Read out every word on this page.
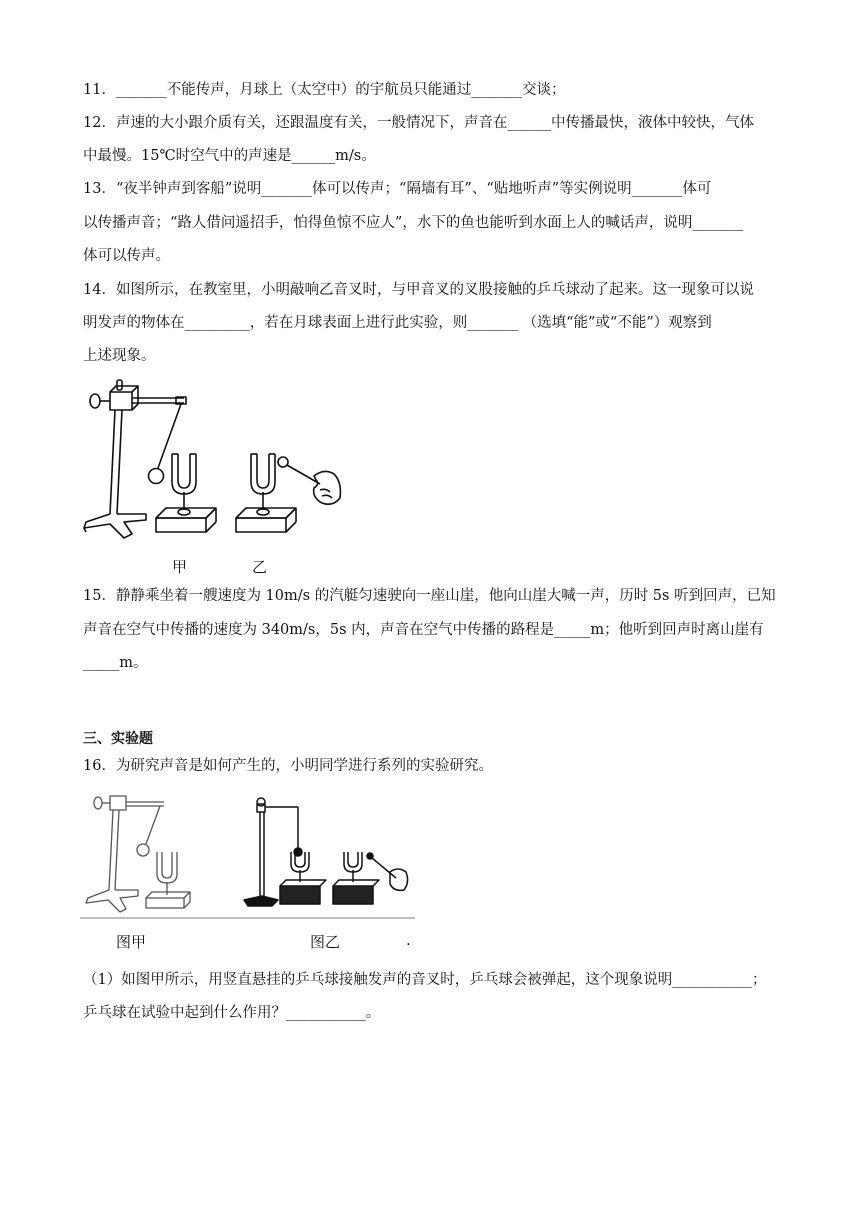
11．_______不能传声，月球上（太空中）的宇航员只能通过_______交谈；
12．声速的大小跟介质有关，还跟温度有关，一般情况下，声音在______中传播最快，液体中较快，气体
中最慢。15℃时空气中的声速是______m/s。
13．“夜半钟声到客船”说明_______体可以传声；“隔墙有耳”、“贴地听声”等实例说明_______体可
以传播声音；“路人借问遥招手，怕得鱼惊不应人”，水下的鱼也能听到水面上人的喊话声，说明_______
体可以传声。
14．如图所示，在教室里，小明敲响乙音叉时，与甲音叉的叉股接触的乒乓球动了起来。这一现象可以说
明发声的物体在_________，若在月球表面上进行此实验，则_______ （选填“能”或“不能”）观察到
上述现象。
甲	乙
15．静静乘坐着一艘速度为 10m/s 的汽艇匀速驶向一座山崖，他向山崖大喊一声，历时 5s 听到回声，已知
声音在空气中传播的速度为 340m/s，5s 内，声音在空气中传播的路程是_____m；他听到回声时离山崖有
_____m。
三、实验题
16．为研究声音是如何产生的，小明同学进行系列的实验研究。
图甲	图乙	.
（1）如图甲所示，用竖直悬挂的乒乓球接触发声的音叉时，乒乓球会被弹起，这个现象说明___________；
乒乓球在试验中起到什么作用？___________。
